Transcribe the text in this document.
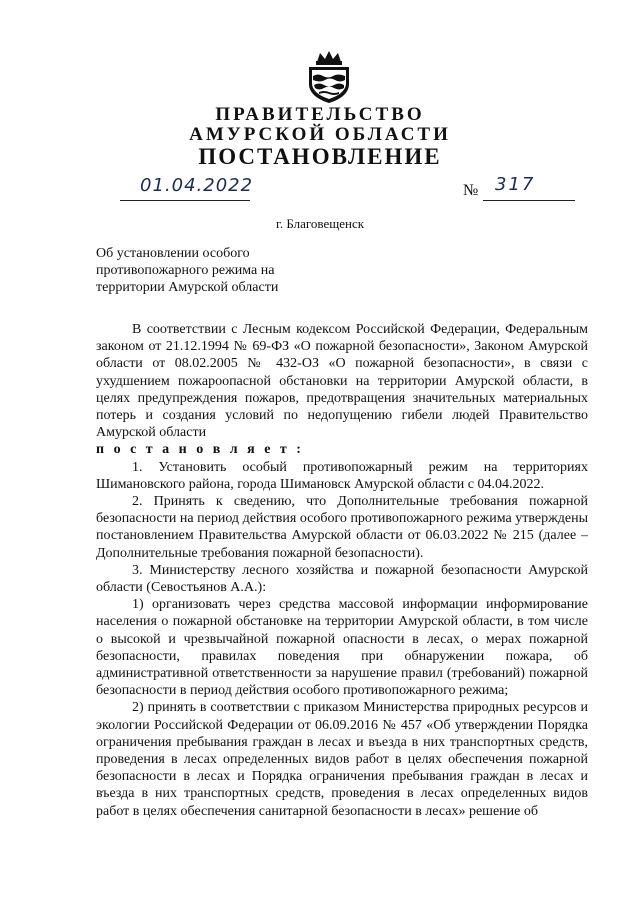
ПРАВИТЕЛЬСТВО
АМУРСКОЙ ОБЛАСТИ
ПОСТАНОВЛЕНИЕ
01.04.2022	№ 317
г. Благовещенск
Об установлении особого противопожарного режима на территории Амурской области

В соответствии с Лесным кодексом Российской Федерации, Федеральным законом от 21.12.1994 № 69-ФЗ «О пожарной безопасности», Законом Амурской области от 08.02.2005 № 432-ОЗ «О пожарной безопасности», в связи с ухудшением пожароопасной обстановки на территории Амурской области, в целях предупреждения пожаров, предотвращения значительных материальных потерь и создания условий по недопущению гибели людей Правительство Амурской области

п о с т а н о в л я е т :

1. Установить особый противопожарный режим на территориях Шимановского района, города Шимановск Амурской области с 04.04.2022.

2. Принять к сведению, что Дополнительные требования пожарной безопасности на период действия особого противопожарного режима утверждены постановлением Правительства Амурской области от 06.03.2022 № 215 (далее – Дополнительные требования пожарной безопасности).

3. Министерству лесного хозяйства и пожарной безопасности Амурской области (Севостьянов А.А.):

1) организовать через средства массовой информации информирование населения о пожарной обстановке на территории Амурской области, в том числе о высокой и чрезвычайной пожарной опасности в лесах, о мерах пожарной безопасности, правилах поведения при обнаружении пожара, об административной ответственности за нарушение правил (требований) пожарной безопасности в период действия особого противопожарного режима;

2) принять в соответствии с приказом Министерства природных ресурсов и экологии Российской Федерации от 06.09.2016 № 457 «Об утверждении Порядка ограничения пребывания граждан в лесах и въезда в них транспортных средств, проведения в лесах определенных видов работ в целях обеспечения пожарной безопасности в лесах и Порядка ограничения пребывания граждан в лесах и въезда в них транспортных средств, проведения в лесах определенных видов работ в целях обеспечения санитарной безопасности в лесах» решение об
